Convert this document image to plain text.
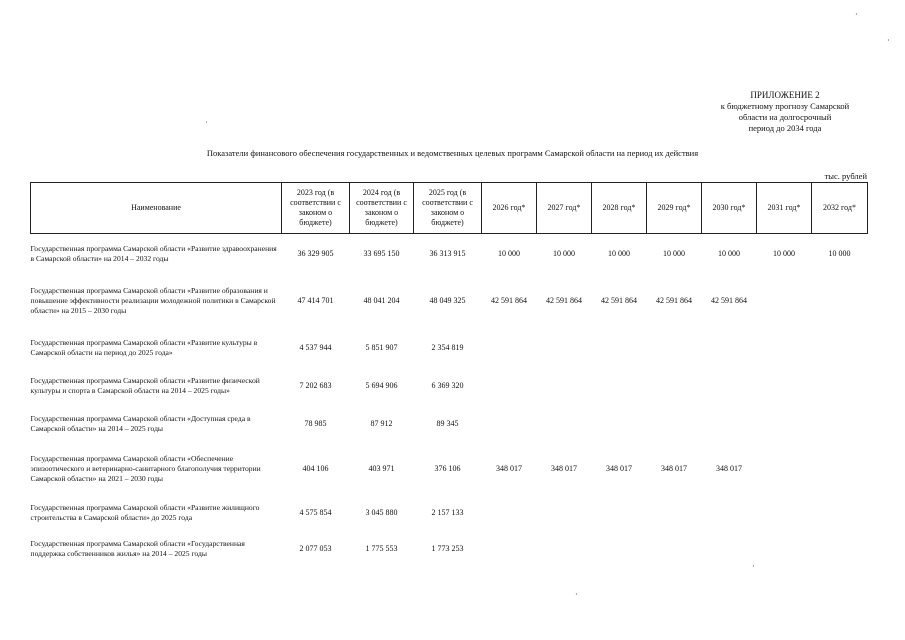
ПРИЛОЖЕНИЕ 2
к бюджетному прогнозу Самарской
области на долгосрочный
период до 2034 года
Показатели финансового обеспечения государственных и ведомственных целевых программ Самарской области на период их действия
тыс. рублей
Наименование	2023 год (в соответствии с законом о бюджете)	2024 год (в соответствии с законом о бюджете)	2025 год (в соответствии с законом о бюджете)	2026 год*	2027 год*	2028 год*	2029 год*	2030 год*	2031 год*	2032 год*
Государственная программа Самарской области «Развитие здравоохранения в Самарской области» на 2014 – 2032 годы	36 329 905	33 695 150	36 313 915	10 000	10 000	10 000	10 000	10 000	10 000	10 000
Государственная программа Самарской области «Развитие образования и повышение эффективности реализации молодежной политики в Самарской области» на 2015 – 2030 годы	47 414 701	48 041 204	48 049 325	42 591 864	42 591 864	42 591 864	42 591 864	42 591 864		
Государственная программа Самарской области «Развитие культуры в Самарской области на период до 2025 года»	4 537 944	5 851 907	2 354 819							
Государственная программа Самарской области «Развитие физической культуры и спорта в Самарской области на 2014 – 2025 годы»	7 202 683	5 694 906	6 369 320							
Государственная программа Самарской области «Доступная среда в Самарской области» на 2014 – 2025 годы	78 985	87 912	89 345							
Государственная программа Самарской области «Обеспечение эпизоотического и ветеринарно-санитарного благополучия территории Самарской области» на 2021 – 2030 годы	404 106	403 971	376 106	348 017	348 017	348 017	348 017	348 017		
Государственная программа Самарской области «Развитие жилищного строительства в Самарской области» до 2025 года	4 575 854	3 045 880	2 157 133							
Государственная программа Самарской области «Государственная поддержка собственников жилья» на 2014 – 2025 годы	2 077 053	1 775 553	1 773 253							
·
·
·
·
·
